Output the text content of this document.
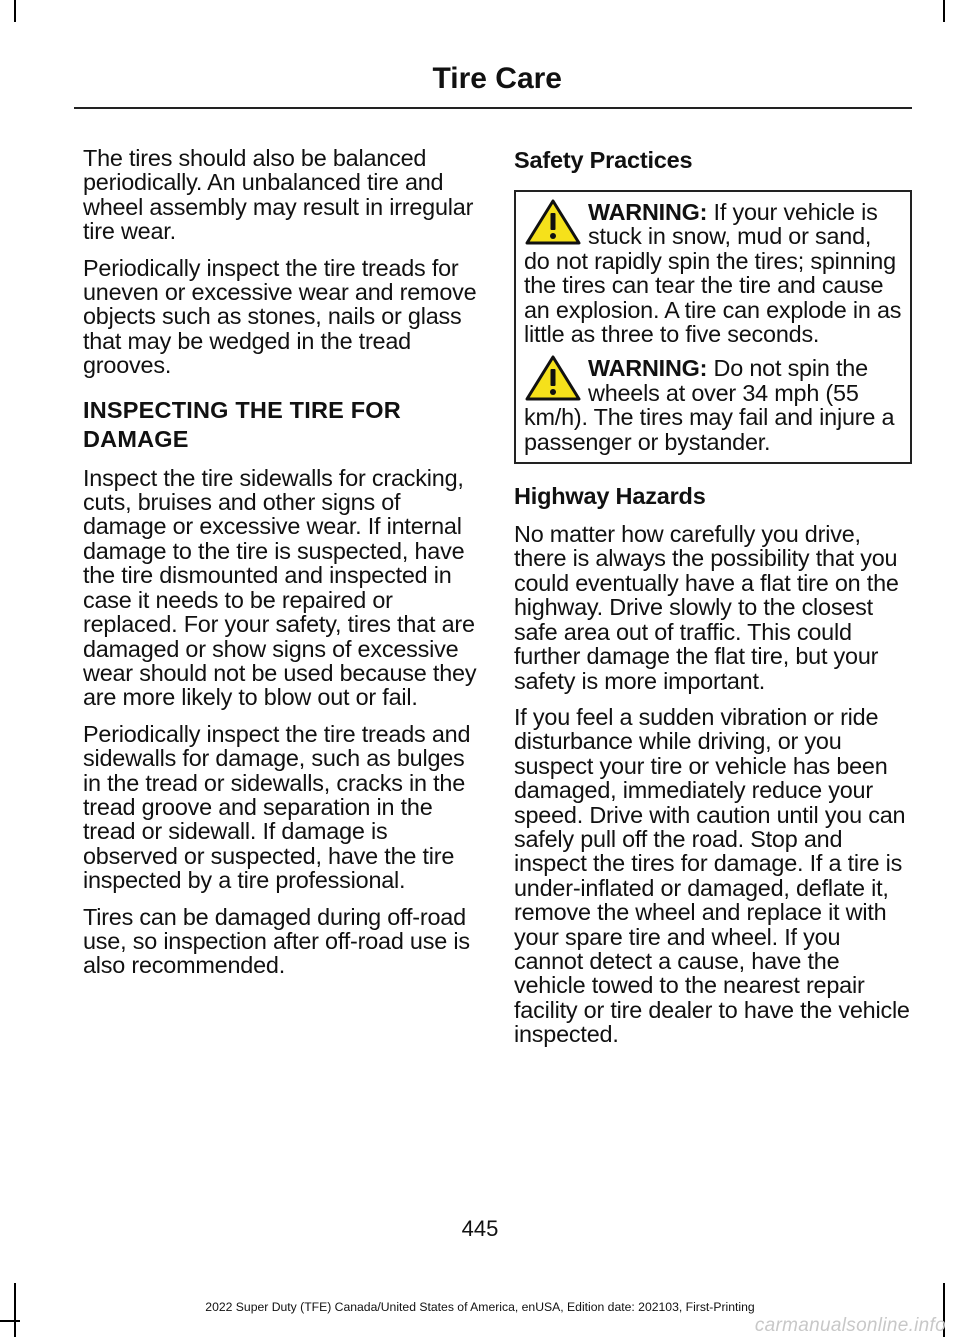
Tire Care

The tires should also be balanced periodically. An unbalanced tire and wheel assembly may result in irregular tire wear.

Periodically inspect the tire treads for uneven or excessive wear and remove objects such as stones, nails or glass that may be wedged in the tread grooves.

INSPECTING THE TIRE FOR
DAMAGE

Inspect the tire sidewalls for cracking, cuts, bruises and other signs of damage or excessive wear. If internal damage to the tire is suspected, have the tire dismounted and inspected in case it needs to be repaired or replaced. For your safety, tires that are damaged or show signs of excessive wear should not be used because they are more likely to blow out or fail.

Periodically inspect the tire treads and sidewalls for damage, such as bulges in the tread or sidewalls, cracks in the tread groove and separation in the tread or sidewall. If damage is observed or suspected, have the tire inspected by a tire professional.

Tires can be damaged during off-road use, so inspection after off-road use is also recommended.

Safety Practices
WARNING: If your vehicle is stuck in snow, mud or sand, do not rapidly spin the tires; spinning the tires can tear the tire and cause an explosion. A tire can explode in as little as three to five seconds.
WARNING: Do not spin the wheels at over 34 mph (55 km/h). The tires may fail and injure a passenger or bystander.
Highway Hazards

No matter how carefully you drive, there is always the possibility that you could eventually have a flat tire on the highway. Drive slowly to the closest safe area out of traffic. This could further damage the flat tire, but your safety is more important.

If you feel a sudden vibration or ride disturbance while driving, or you suspect your tire or vehicle has been damaged, immediately reduce your speed. Drive with caution until you can safely pull off the road. Stop and inspect the tires for damage. If a tire is under-inflated or damaged, deflate it, remove the wheel and replace it with your spare tire and wheel. If you cannot detect a cause, have the vehicle towed to the nearest repair facility or tire dealer to have the vehicle inspected.

445
2022 Super Duty (TFE) Canada/United States of America, enUSA, Edition date: 202103, First-Printing
carmanualsonline.info
